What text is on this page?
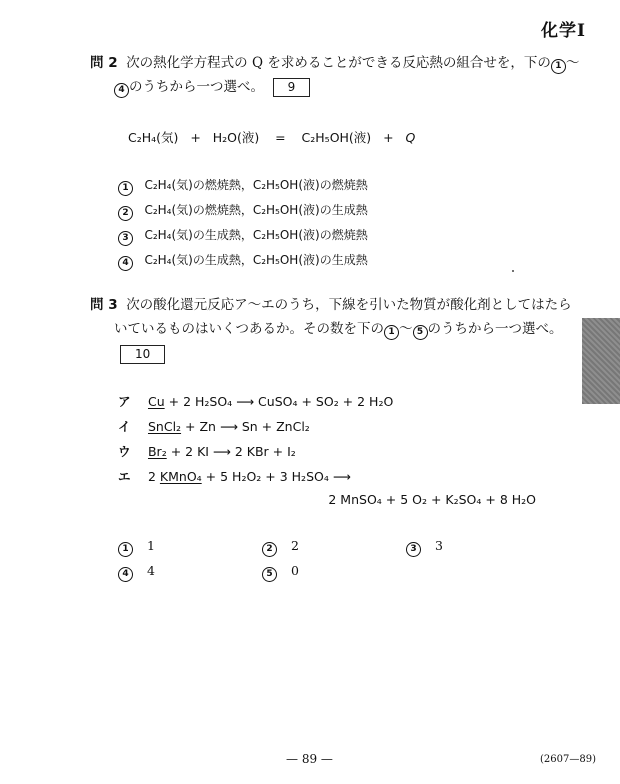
化学Ⅰ
問 2 次の熱化学方程式の Q を求めることができる反応熱の組合せを，下の 1 〜
4 のうちから一つ選べ。 9
C₂H₄(気) + H₂O(液) = C₂H₅OH(液) + Q
1 C₂H₄(気)の燃焼熱，C₂H₅OH(液)の燃焼熱
2 C₂H₄(気)の燃焼熱，C₂H₅OH(液)の生成熱
3 C₂H₄(気)の生成熱，C₂H₅OH(液)の燃焼熱
4 C₂H₄(気)の生成熱，C₂H₅OH(液)の生成熱
問 3 次の酸化還元反応ア〜エのうち，下線を引いた物質が酸化剤としてはたら
いているものはいくつあるか。その数を下の 1 〜 5 のうちから一つ選べ。
10
ア Cu + 2 H₂SO₄ ⟶ CuSO₄ + SO₂ + 2 H₂O
イ SnCl₂ + Zn ⟶ Sn + ZnCl₂
ウ Br₂ + 2 KI ⟶ 2 KBr + I₂
エ 2 KMnO₄ + 5 H₂O₂ + 3 H₂SO₄ ⟶
2 MnSO₄ + 5 O₂ + K₂SO₄ + 8 H₂O
1 1	2 2	3 3
4 4	5 0
— 89 —	(2607—89)
